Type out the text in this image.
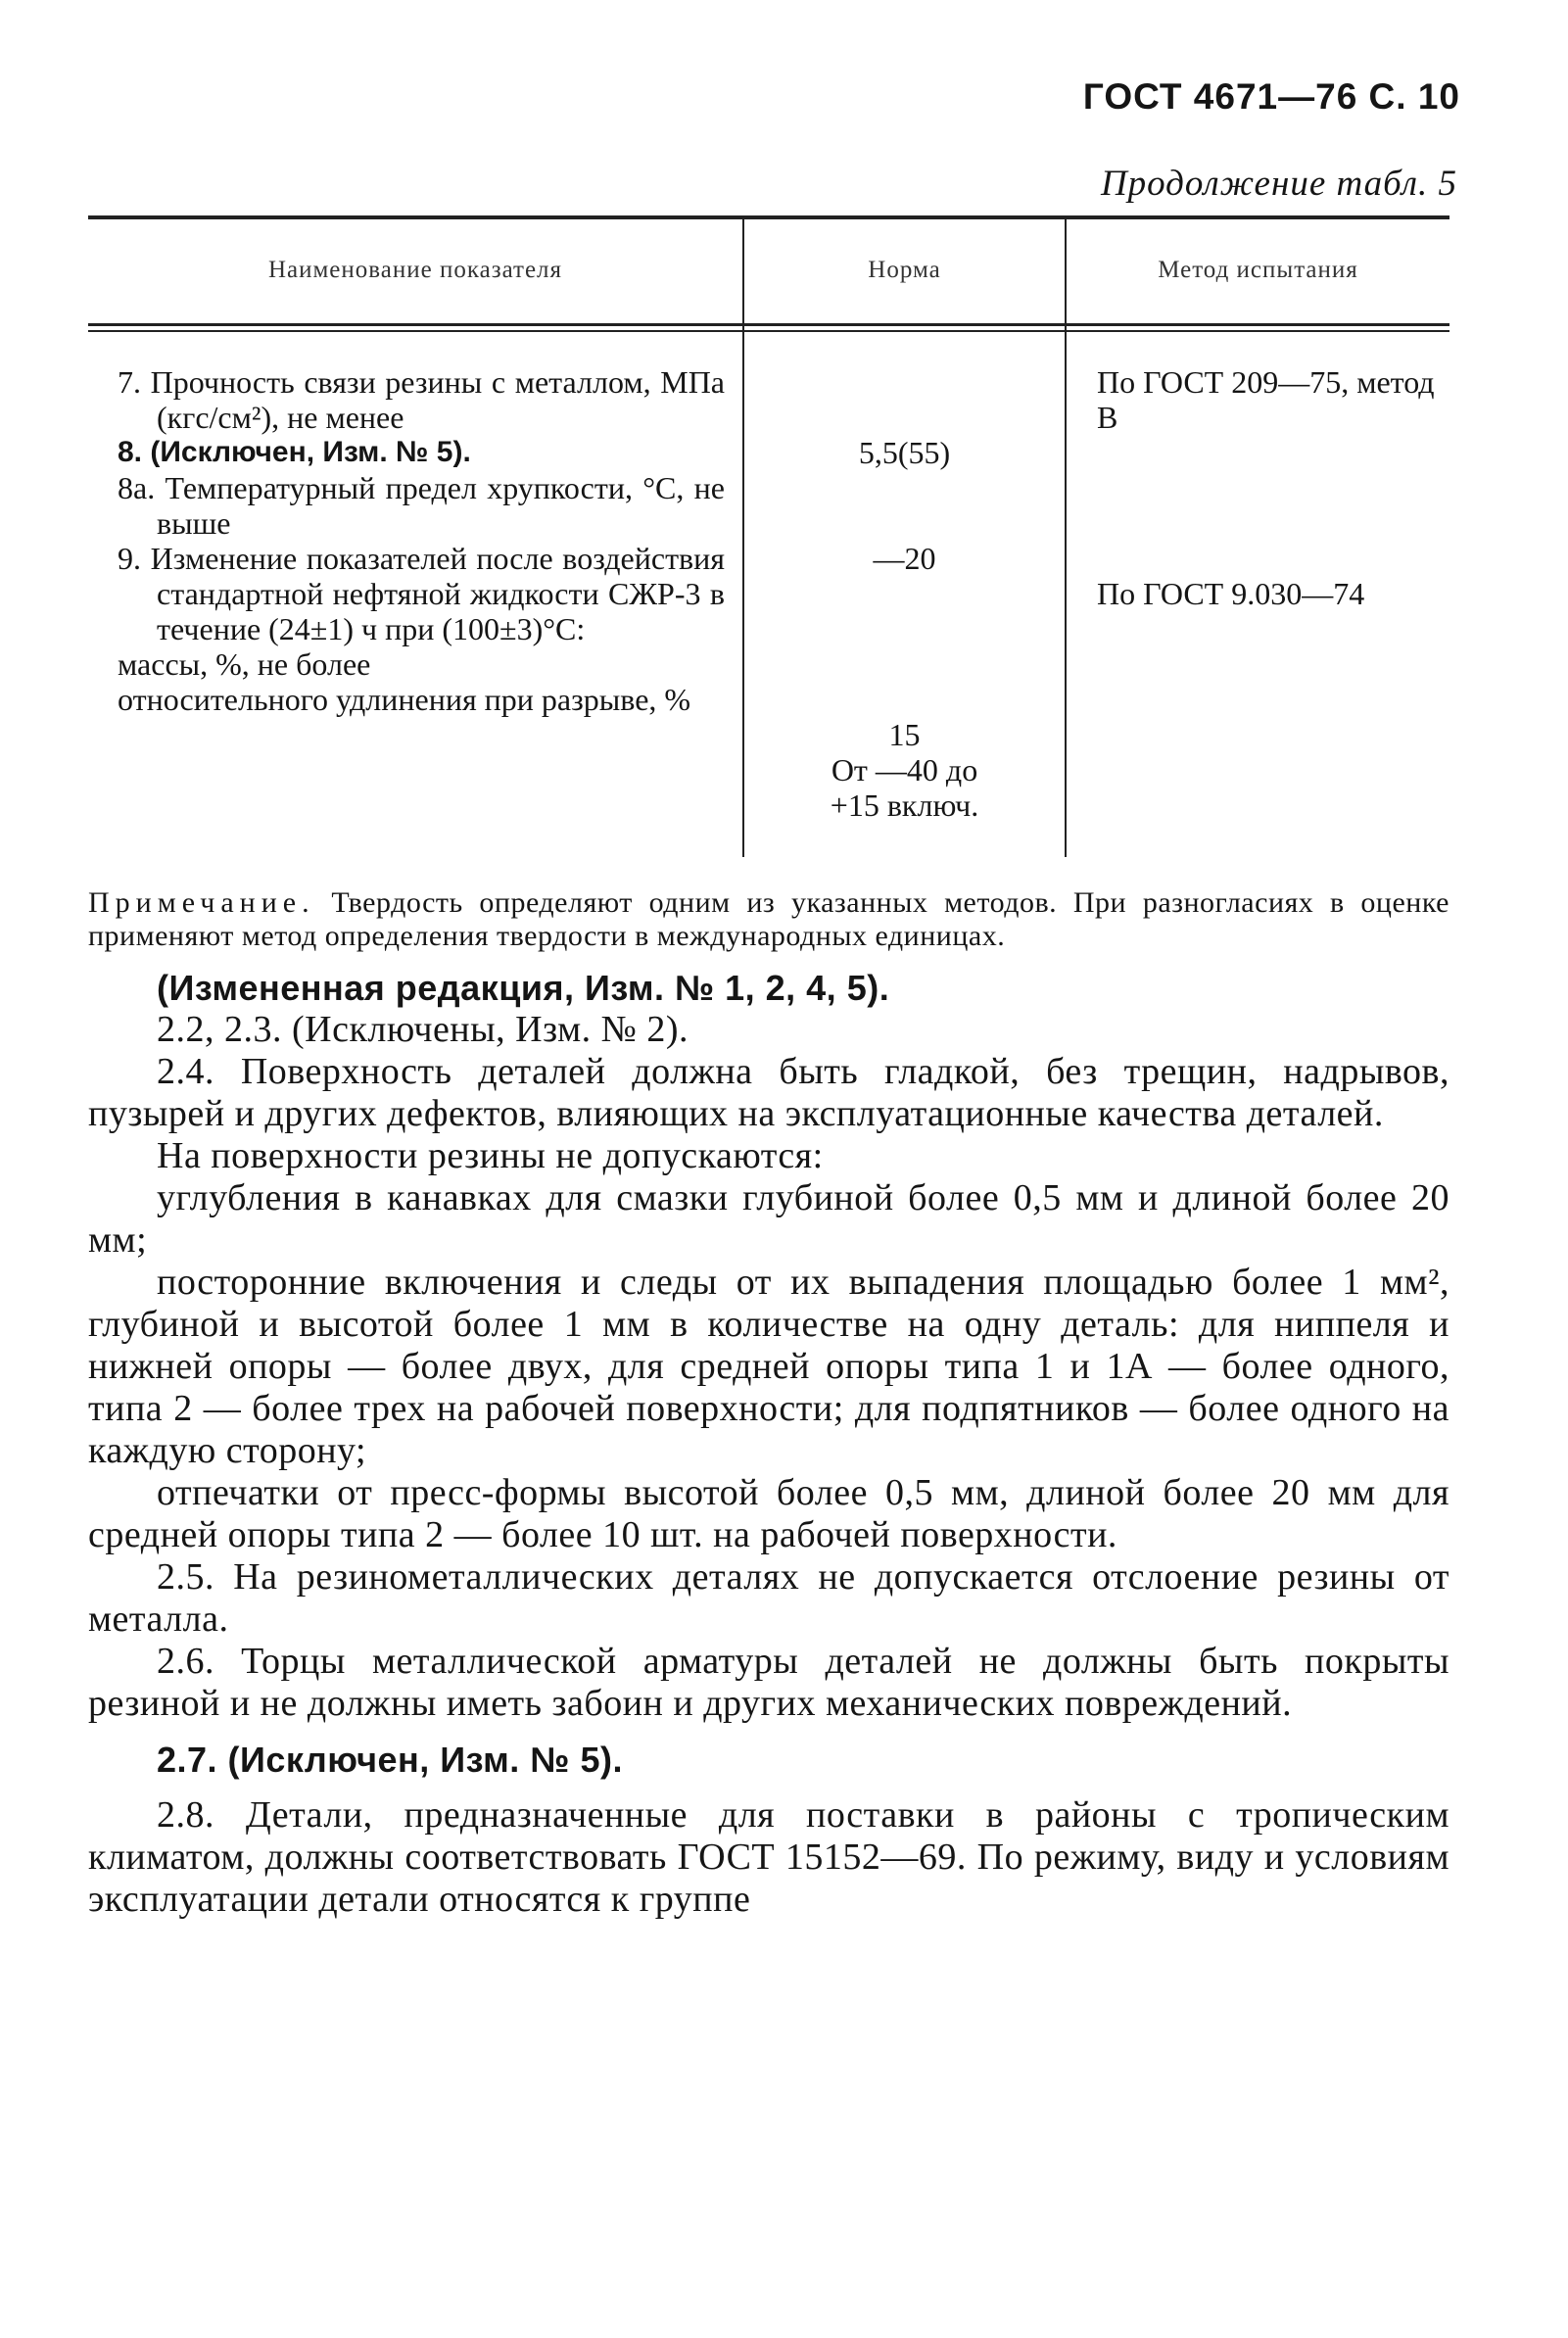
ГОСТ 4671—76 С. 10
Продолжение табл. 5
Наименование показателя	Норма	Метод испытания

7. Прочность связи резины с металлом, МПа (кгс/см²), не менее

8. (Исключен, Изм. № 5).

8а. Температурный предел хрупкости, °С, не выше

9. Изменение показателей после воздействия стандартной нефтяной жидкости СЖР-3 в течение (24±1) ч при (100±3)°С:

массы, %, не более

относительного удлинения при разрыве, %

5,5(55)
—20
15
От —40 до
+15 включ.
По ГОСТ 209—75, метод В
По ГОСТ 9.030—74

Примечание. Твердость определяют одним из указанных методов. При разногласиях в оценке применяют метод определения твердости в международных единицах.

(Измененная редакция, Изм. № 1, 2, 4, 5).

2.2, 2.3. (Исключены, Изм. № 2).

2.4. Поверхность деталей должна быть гладкой, без трещин, надрывов, пузырей и других дефектов, влияющих на эксплуатационные качества деталей.

На поверхности резины не допускаются:

углубления в канавках для смазки глубиной более 0,5 мм и длиной более 20 мм;

посторонние включения и следы от их выпадения площадью более 1 мм², глубиной и высотой более 1 мм в количестве на одну деталь: для ниппеля и нижней опоры — более двух, для средней опоры типа 1 и 1А — более одного, типа 2 — более трех на рабочей поверхности; для подпятников — более одного на каждую сторону;

отпечатки от пресс-формы высотой более 0,5 мм, длиной более 20 мм для средней опоры типа 2 — более 10 шт. на рабочей поверхности.

2.5. На резинометаллических деталях не допускается отслоение резины от металла.

2.6. Торцы металлической арматуры деталей не должны быть покрыты резиной и не должны иметь забоин и других механических повреждений.

2.7. (Исключен, Изм. № 5).

2.8. Детали, предназначенные для поставки в районы с тропическим климатом, должны соответствовать ГОСТ 15152—69. По режиму, виду и условиям эксплуатации детали относятся к группе
